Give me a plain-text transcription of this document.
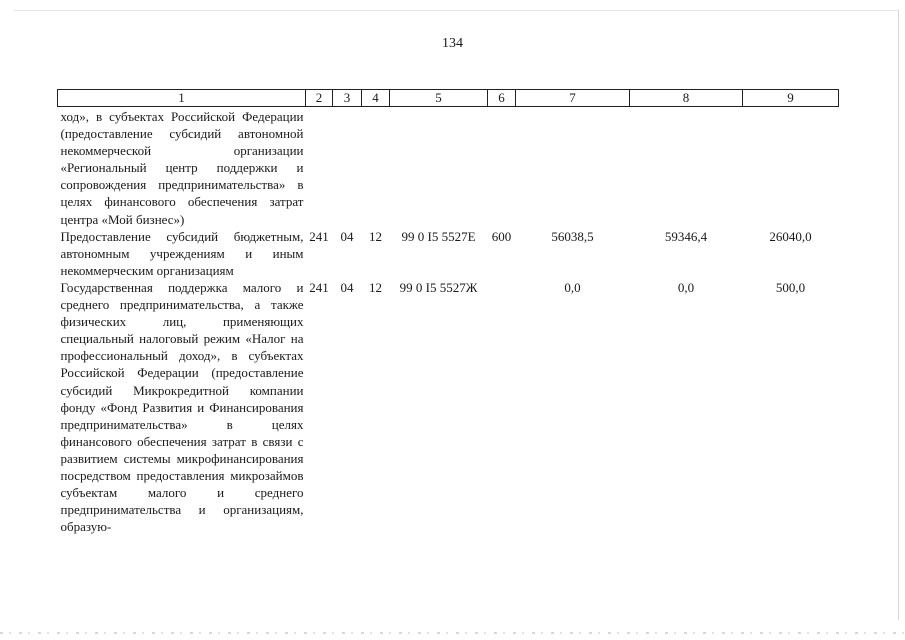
134
1	2	3	4	5	6	7	8	9
ход», в субъектах Российской Федерации (предоставление субсидий автономной некоммерческой организации «Региональный центр поддержки и сопровождения предпринимательства» в целях финансового обеспечения затрат центра «Мой бизнес»)								
Предоставление субсидий бюджетным, автономным учреждениям и иным некоммерческим организациям	241	04	12	99 0 I5 5527Е	600	56038,5	59346,4	26040,0
Государственная поддержка малого и среднего предпринимательства, а также физических лиц, применяющих специальный налоговый режим «Налог на профессиональный доход», в субъектах Российской Федерации (предоставление субсидий Микрокредитной компании фонду «Фонд Развития и Финансирования предпринимательства» в целях финансового обеспечения затрат в связи с развитием системы микрофинансирования посредством предоставления микрозаймов субъектам малого и среднего предпринимательства и организациям, образую-	241	04	12	99 0 I5 5527Ж		0,0	0,0	500,0
